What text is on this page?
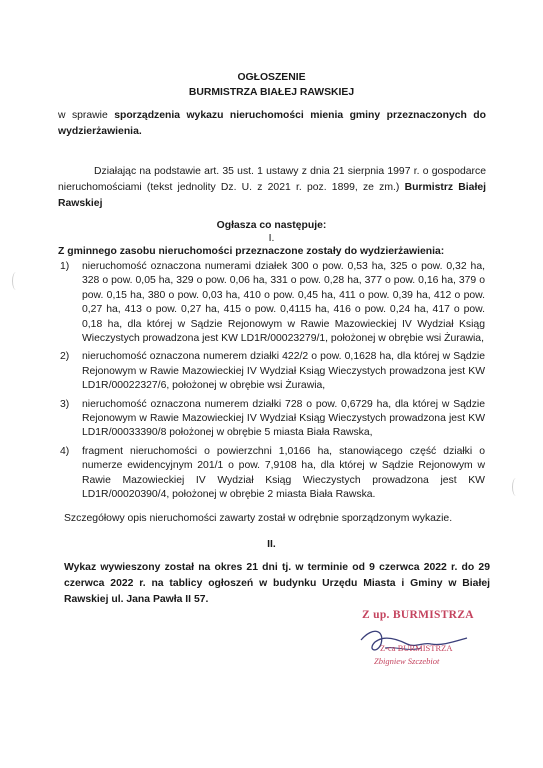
OGŁOSZENIE
BURMISTRZA BIAŁEJ RAWSKIEJ
w sprawie sporządzenia wykazu nieruchomości mienia gminy przeznaczonych do wydzierżawienia.
Działając na podstawie art. 35 ust. 1 ustawy z dnia 21 sierpnia 1997 r. o gospodarce nieruchomościami (tekst jednolity Dz. U. z 2021 r. poz. 1899, ze zm.) Burmistrz Białej Rawskiej
Ogłasza co następuje:
I.
Z gminnego zasobu nieruchomości przeznaczone zostały do wydzierżawienia:
1) nieruchomość oznaczona numerami działek 300 o pow. 0,53 ha, 325 o pow. 0,32 ha, 328 o pow. 0,05 ha, 329 o pow. 0,06 ha, 331 o pow. 0,28 ha, 377 o pow. 0,16 ha, 379 o pow. 0,15 ha, 380 o pow. 0,03 ha, 410 o pow. 0,45 ha, 411 o pow. 0,39 ha, 412 o pow. 0,27 ha, 413 o pow. 0,27 ha, 415 o pow. 0,4115 ha, 416 o pow. 0,24 ha, 417 o pow. 0,18 ha, dla której w Sądzie Rejonowym w Rawie Mazowieckiej IV Wydział Ksiąg Wieczystych prowadzona jest KW LD1R/00023279/1, położonej w obrębie wsi Żurawia,
2) nieruchomość oznaczona numerem działki 422/2 o pow. 0,1628 ha, dla której w Sądzie Rejonowym w Rawie Mazowieckiej IV Wydział Ksiąg Wieczystych prowadzona jest KW LD1R/00022327/6, położonej w obrębie wsi Żurawia,
3) nieruchomość oznaczona numerem działki 728 o pow. 0,6729 ha, dla której w Sądzie Rejonowym w Rawie Mazowieckiej IV Wydział Ksiąg Wieczystych prowadzona jest KW LD1R/00033390/8 położonej w obrębie 5 miasta Biała Rawska,
4) fragment nieruchomości o powierzchni 1,0166 ha, stanowiącego część działki o numerze ewidencyjnym 201/1 o pow. 7,9108 ha, dla której w Sądzie Rejonowym w Rawie Mazowieckiej IV Wydział Ksiąg Wieczystych prowadzona jest KW LD1R/00020390/4, położonej w obrębie 2 miasta Biała Rawska.
Szczegółowy opis nieruchomości zawarty został w odrębnie sporządzonym wykazie.
II.
Wykaz wywieszony został na okres 21 dni tj. w terminie od 9 czerwca 2022 r. do 29 czerwca 2022 r. na tablicy ogłoszeń w budynku Urzędu Miasta i Gminy w Białej Rawskiej ul. Jana Pawła II 57.
Z up. BURMISTRZA
Z-ca BURMISTRZA
Zbigniew Szczebiot
